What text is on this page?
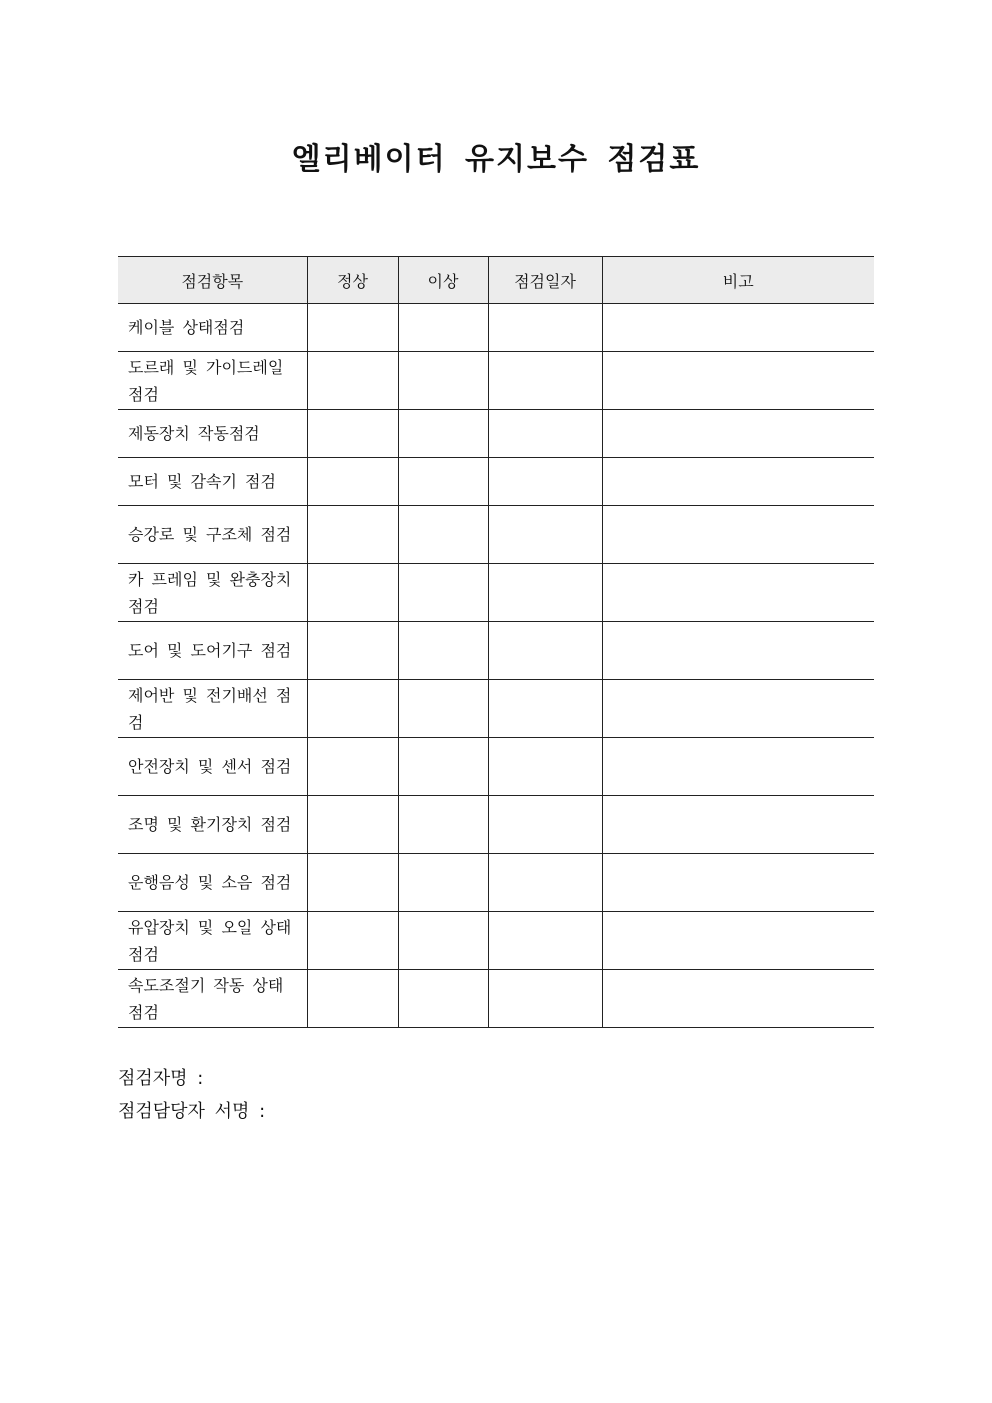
엘리베이터 유지보수 점검표
점검항목	정상	이상	점검일자	비고

케이블 상태점검				

도르래 및 가이드레일 점검				

제동장치 작동점검				

모터 및 감속기 점검				

승강로 및 구조체 점검				

카 프레임 및 완충장치 점검				

도어 및 도어기구 점검				

제어반 및 전기배선 점검				

안전장치 및 센서 점검				

조명 및 환기장치 점검				

운행음성 및 소음 점검				

유압장치 및 오일 상태 점검				

속도조절기 작동 상태 점검				

점검자명 :
점검담당자 서명 :
